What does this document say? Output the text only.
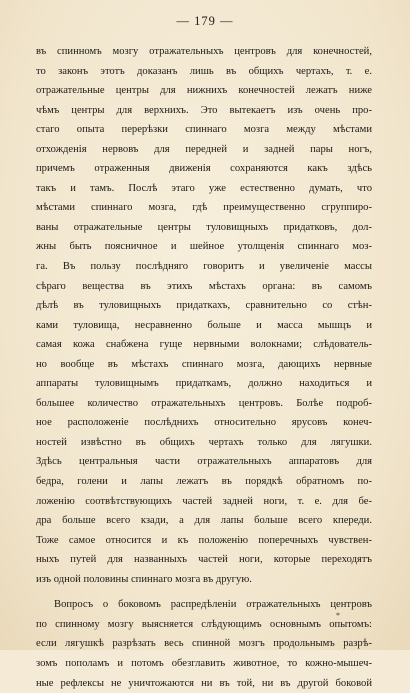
— 179 —
въ спинномъ мозгу отражательныхъ центровъ для конечностей,
то законъ этотъ доказанъ лишь въ общихъ чертахъ, т. е.
отражательные центры для нижнихъ конечностей лежатъ ниже
чѣмъ центры для верхнихъ. Это вытекаетъ изъ очень про-
стаго опыта перерѣзки спиннаго мозга между мѣстами
отхожденія нервовъ для передней и задней пары ногъ,
причемъ отраженныя движенія сохраняются какъ здѣсь
такъ и тамъ. Послѣ этаго уже естественно думать, что
мѣстами спиннаго мозга, гдѣ преимущественно сгруппиро-
ваны отражательные центры туловищныхъ придатковъ, дол-
жны быть поясничное и шейное утолщенія спиннаго моз-
га. Въ пользу послѣдняго говоритъ и увеличеніе массы
сѣраго вещества въ этихъ мѣстахъ органа: въ самомъ
дѣлѣ въ туловищныхъ придаткахъ, сравнительно со стѣн-
ками туловища, несравненно больше и масса мышцъ и
самая кожа снабжена гуще нервными волокнами; слѣдователь-
но вообще въ мѣстахъ спиннаго мозга, дающихъ нервные
аппараты туловищнымъ придаткамъ, должно находиться и
большее количество отражательныхъ центровъ. Болѣе подроб-
ное расположеніе послѣднихъ относительно ярусовъ конеч-
ностей извѣстно въ общихъ чертахъ только для лягушки.
Здѣсь центральныя части отражательныхъ аппаратовъ для
бедра, голени и лапы лежатъ въ порядкѣ обратномъ по-
ложенію соотвѣтствующихъ частей задней ноги, т. е. для бе-
дра больше всего кзади, а для лапы больше всего кпереди.
Тоже самое относится и къ положенію поперечныхъ чувствен-
ныхъ путей для названныхъ частей ноги, которые переходятъ
изъ одной половины спиннаго мозга въ другую.
Вопросъ о боковомъ распредѣленіи отражательныхъ центровъ
по спинному мозгу выясняется слѣдующимъ основнымъ опытомъ:
если лягушкѣ разрѣзать весь спинной мозгъ продольнымъ разрѣ-
зомъ пополамъ и потомъ обезглавить животное, то кожно-мышеч-
ные рефлексы не уничтожаются ни въ той, ни въ другой боковой
*
